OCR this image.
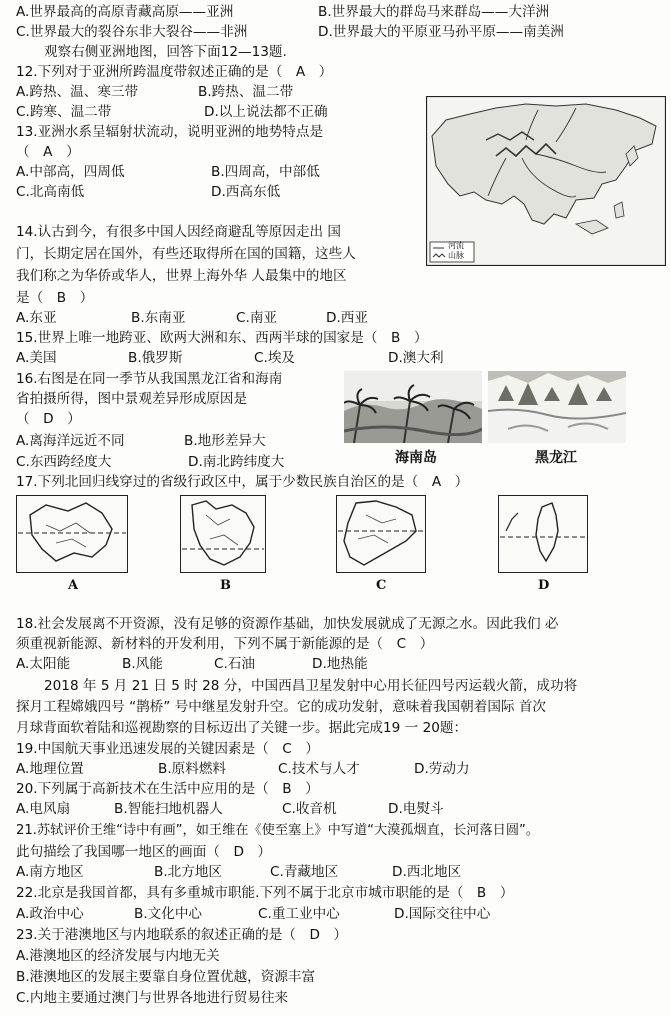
A.世界最高的高原青藏高原——亚洲	B.世界最大的群岛马来群岛——大洋洲
C.世界最大的裂谷东非大裂谷——非洲	D.世界最大的平原亚马孙平原——南美洲
观察右侧亚洲地图，回答下面12—13题.
12.下列对于亚洲所跨温度带叙述正确的是（　A　）
A.跨热、温、寒三带	B.跨热、温二带
C.跨寒、温二带	D.以上说法都不正确
13.亚洲水系呈辐射状流动，说明亚洲的地势特点是
（　A　）
A.中部高，四周低	B.四周高，中部低
C.北高南低	D.西高东低
河流
山脉
14.认古到今，有很多中国人因经商避乱等原因走出 国
门，长期定居在国外，有些还取得所在国的国籍，这些人
我们称之为华侨或华人，世界上海外华 人最集中的地区
是（　B　）
A.东亚	B.东南亚	C.南亚	D.西亚
15.世界上唯一地跨亚、欧两大洲和东、西两半球的国家是（　B　）
A.美国	B.俄罗斯	C.埃及	D.澳大利
16.右图是在同一季节从我国黑龙江省和海南
省拍摄所得，图中景观差异形成原因是
（　D　）
A.离海洋远近不同	B.地形差异大
C.东西跨经度大	D.南北跨纬度大	海南岛	黑龙江
17.下列北回归线穿过的省级行政区中，属于少数民族自治区的是（　A　）
A	B	C	D
18.社会发展离不开资源，没有足够的资源作基础，加快发展就成了无源之水。因此我们 必
须重视新能源、新材料的开发利用，下列不属于新能源的是（　C　）
A.太阳能	B.风能	C.石油	D.地热能
2018 年 5 月 21 日 5 时 28 分，中国西昌卫星发射中心用长征四号丙运载火箭，成功将
探月工程嫦娥四号 “鹊桥” 号中继星发射升空。它的成功发射，意味着我国朝着国际 首次
月球背面软着陆和巡视勘察的目标迈出了关键一步。据此完成19 一 20题：
19.中国航天事业迅速发展的关键因素是（　C　）
A.地理位置	B.原料燃料	C.技术与人才	D.劳动力
20.下列属于高新技术在生活中应用的是（　B　）
A.电风扇	B.智能扫地机器人	C.收音机	D.电熨斗
21.苏轼评价王维“诗中有画”，如王维在《使至塞上》中写道“大漠孤烟直，长河落日圆”。
此句描绘了我国哪一地区的画面（　D　）
A.南方地区	B.北方地区	C.青藏地区	D.西北地区
22.北京是我国首都，具有多重城市职能.下列不属于北京市城市职能的是（　B　）
A.政治中心	B.文化中心	C.重工业中心	D.国际交往中心
23.关于港澳地区与内地联系的叙述正确的是（　D　）
A.港澳地区的经济发展与内地无关
B.港澳地区的发展主要靠自身位置优越，资源丰富
C.内地主要通过澳门与世界各地进行贸易往来
